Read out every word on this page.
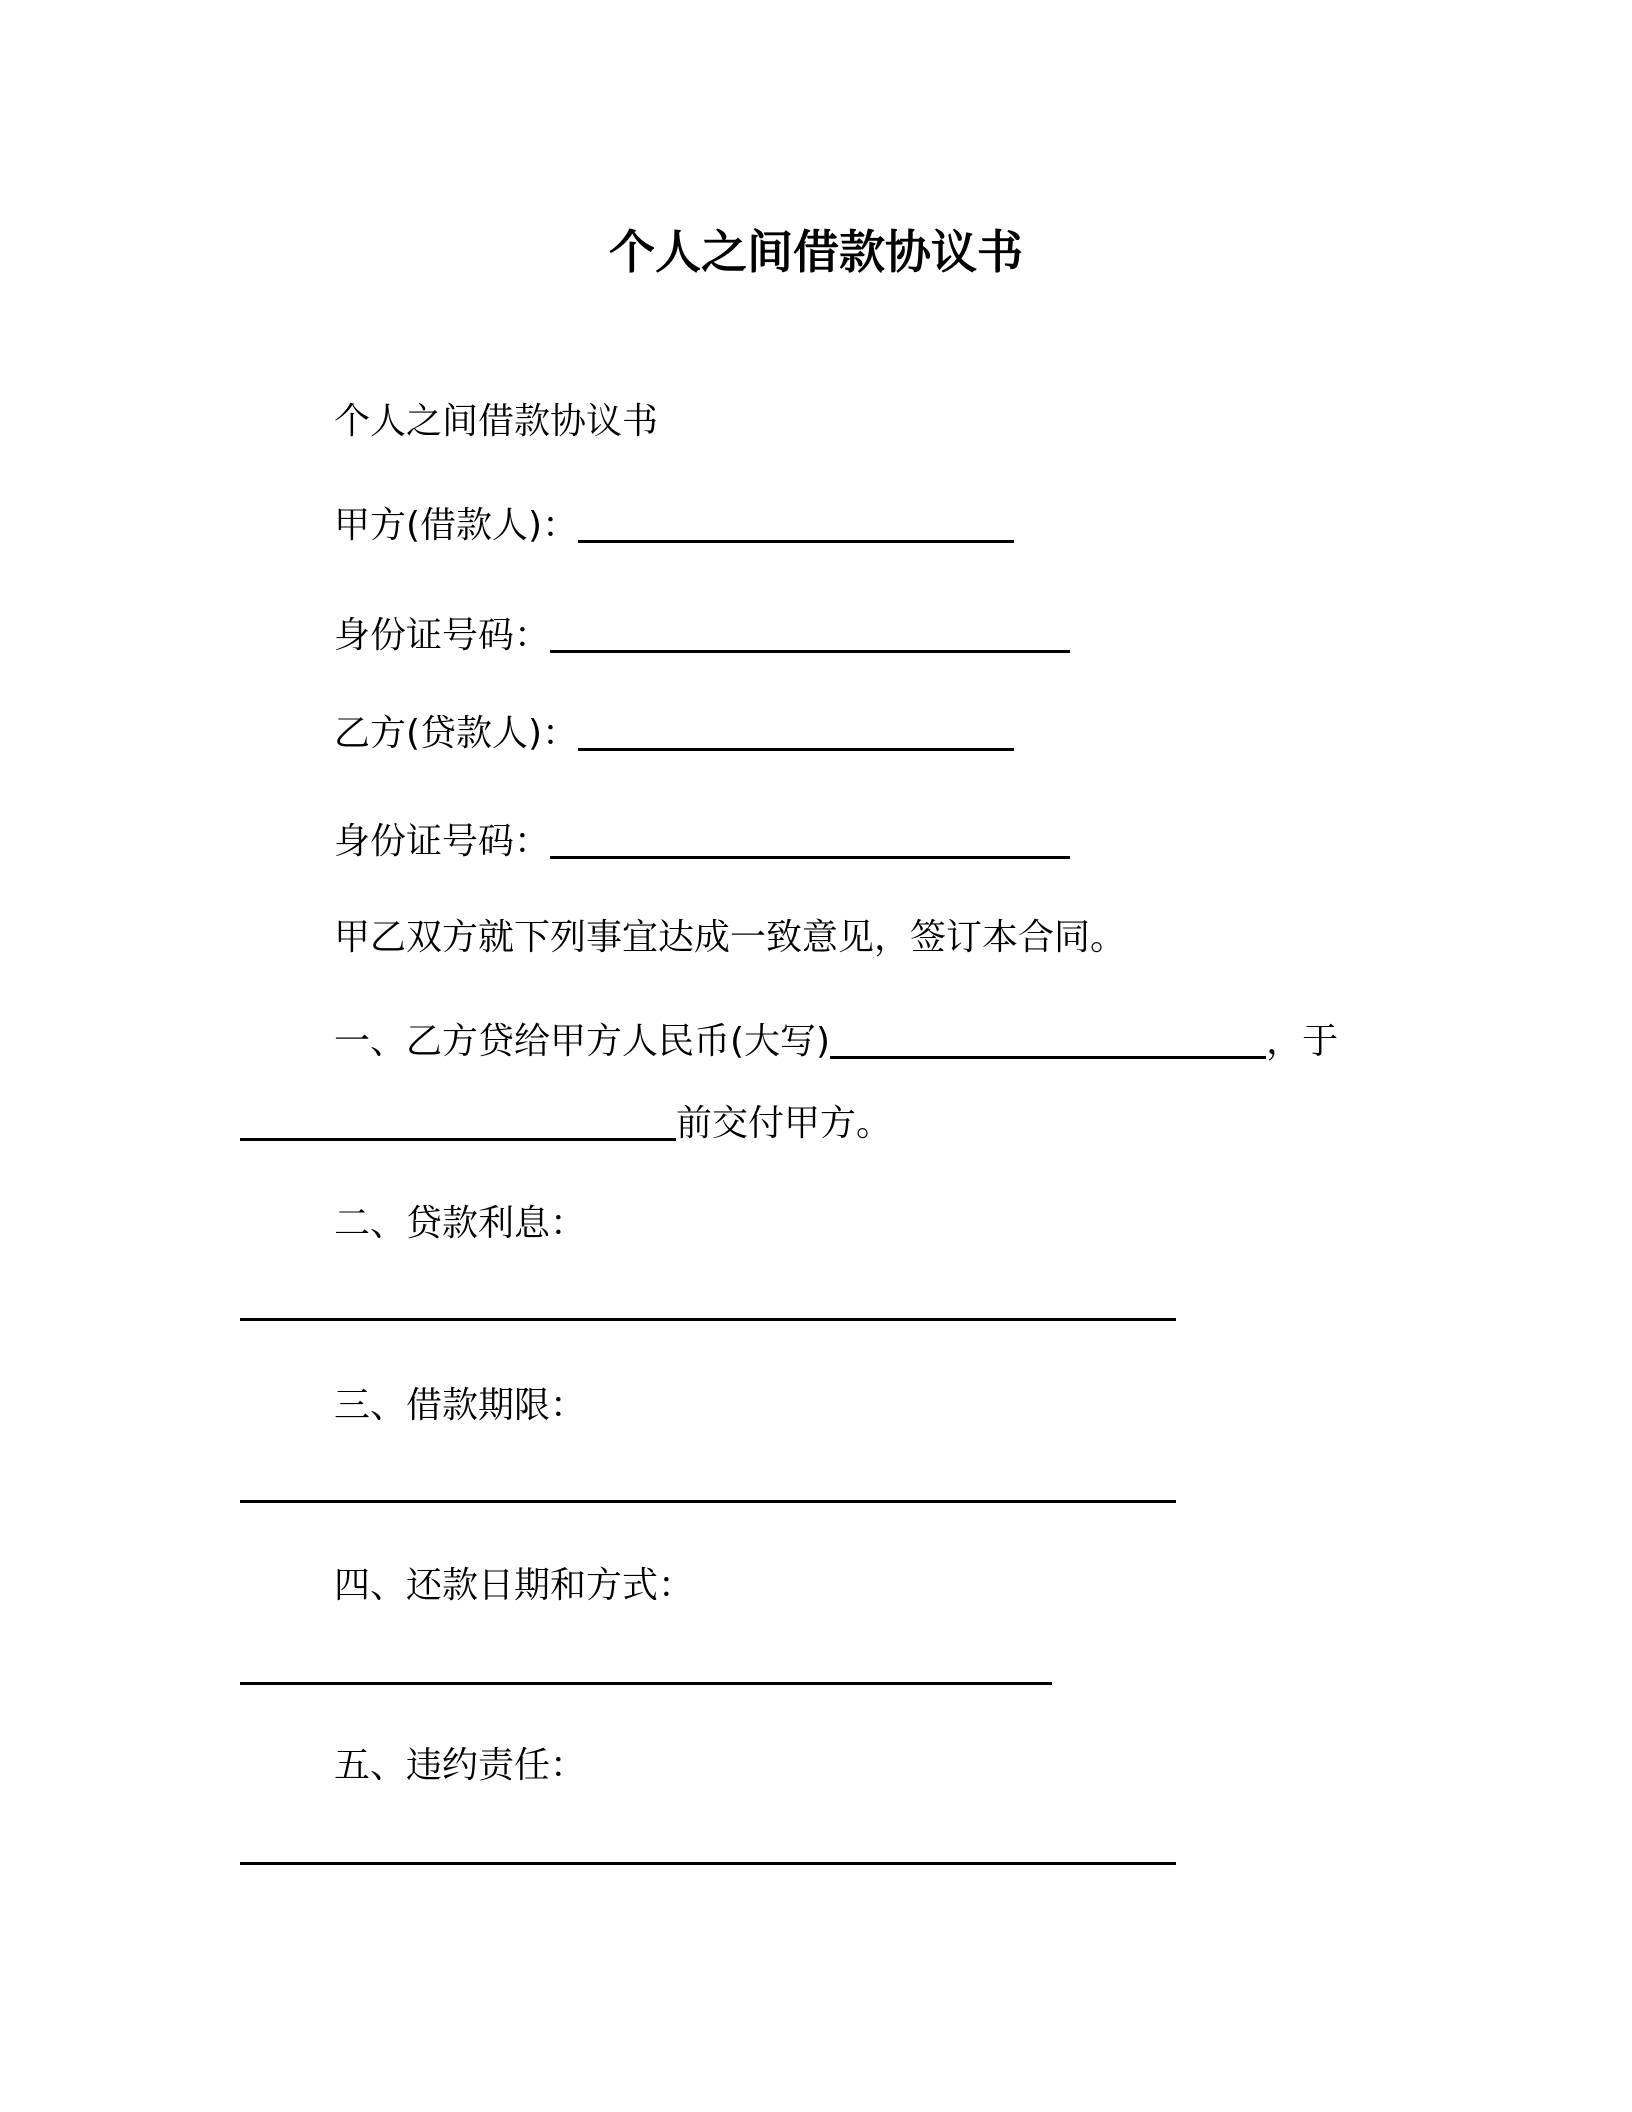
个人之间借款协议书
个人之间借款协议书
甲方(借款人)：
身份证号码：
乙方(贷款人)：
身份证号码：
甲乙双方就下列事宜达成一致意见，签订本合同。
一、乙方贷给甲方人民币(大写)	，于
前交付甲方。
二、贷款利息：
三、借款期限：
四、还款日期和方式：
五、违约责任：
